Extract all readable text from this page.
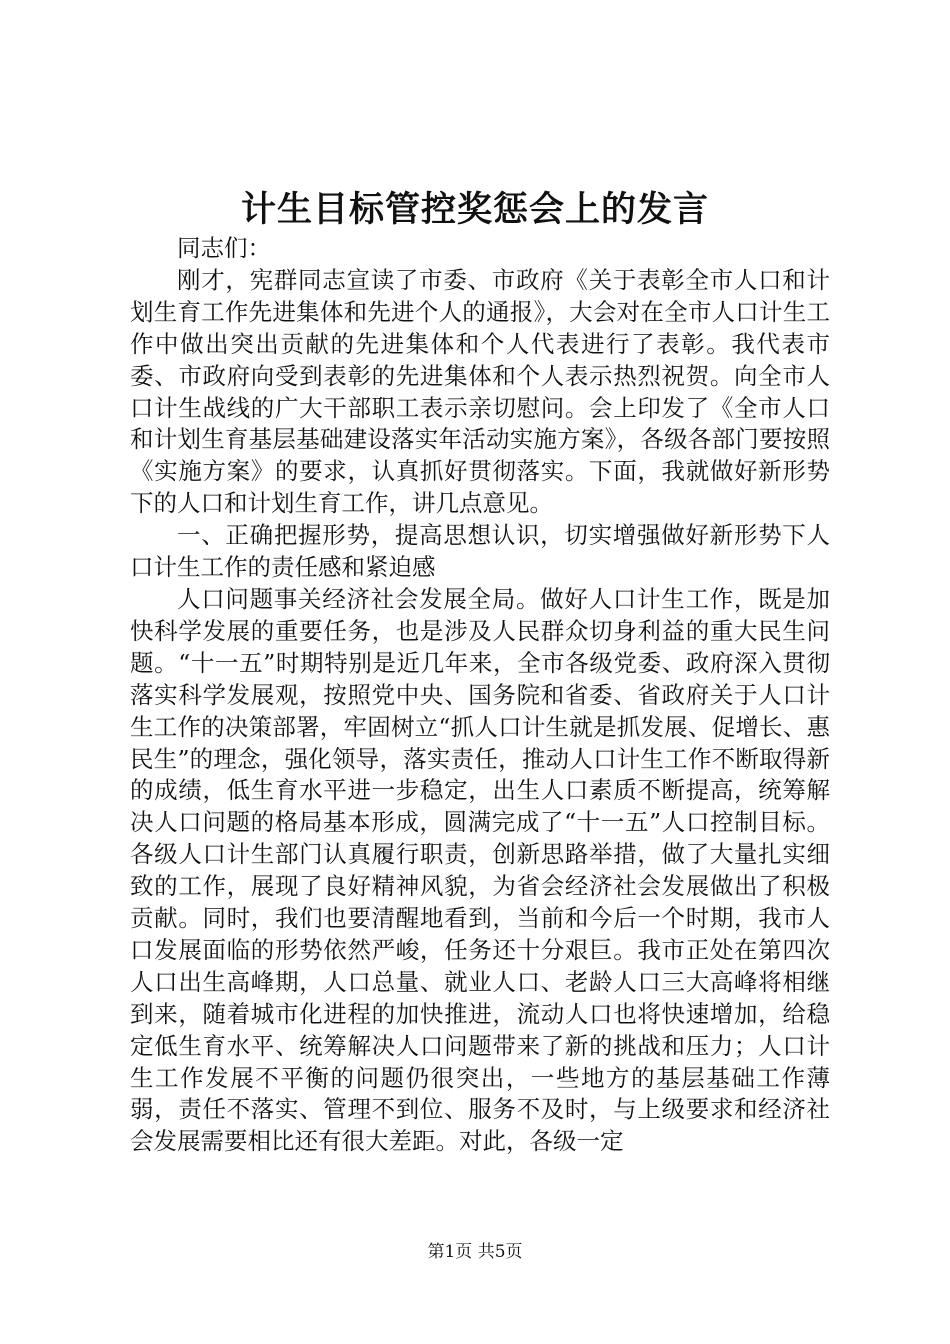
计生目标管控奖惩会上的发言

同志们：

刚才，宪群同志宣读了市委、市政府《关于表彰全市人口和计划生育工作先进集体和先进个人的通报》，大会对在全市人口计生工作中做出突出贡献的先进集体和个人代表进行了表彰。我代表市委、市政府向受到表彰的先进集体和个人表示热烈祝贺。向全市人口计生战线的广大干部职工表示亲切慰问。会上印发了《全市人口和计划生育基层基础建设落实年活动实施方案》，各级各部门要按照《实施方案》的要求，认真抓好贯彻落实。下面，我就做好新形势下的人口和计划生育工作，讲几点意见。

一、正确把握形势，提高思想认识，切实增强做好新形势下人口计生工作的责任感和紧迫感

人口问题事关经济社会发展全局。做好人口计生工作，既是加快科学发展的重要任务，也是涉及人民群众切身利益的重大民生问题。“十一五”时期特别是近几年来，全市各级党委、政府深入贯彻落实科学发展观，按照党中央、国务院和省委、省政府关于人口计生工作的决策部署，牢固树立“抓人口计生就是抓发展、促增长、惠民生”的理念，强化领导，落实责任，推动人口计生工作不断取得新的成绩，低生育水平进一步稳定，出生人口素质不断提高，统筹解决人口问题的格局基本形成，圆满完成了“十一五”人口控制目标。各级人口计生部门认真履行职责，创新思路举措，做了大量扎实细致的工作，展现了良好精神风貌，为省会经济社会发展做出了积极贡献。同时，我们也要清醒地看到，当前和今后一个时期，我市人口发展面临的形势依然严峻，任务还十分艰巨。我市正处在第四次人口出生高峰期，人口总量、就业人口、老龄人口三大高峰将相继到来，随着城市化进程的加快推进，流动人口也将快速增加，给稳定低生育水平、统筹解决人口问题带来了新的挑战和压力；人口计生工作发展不平衡的问题仍很突出，一些地方的基层基础工作薄弱，责任不落实、管理不到位、服务不及时，与上级要求和经济社会发展需要相比还有很大差距。对此，各级一定

第1页 共5页
